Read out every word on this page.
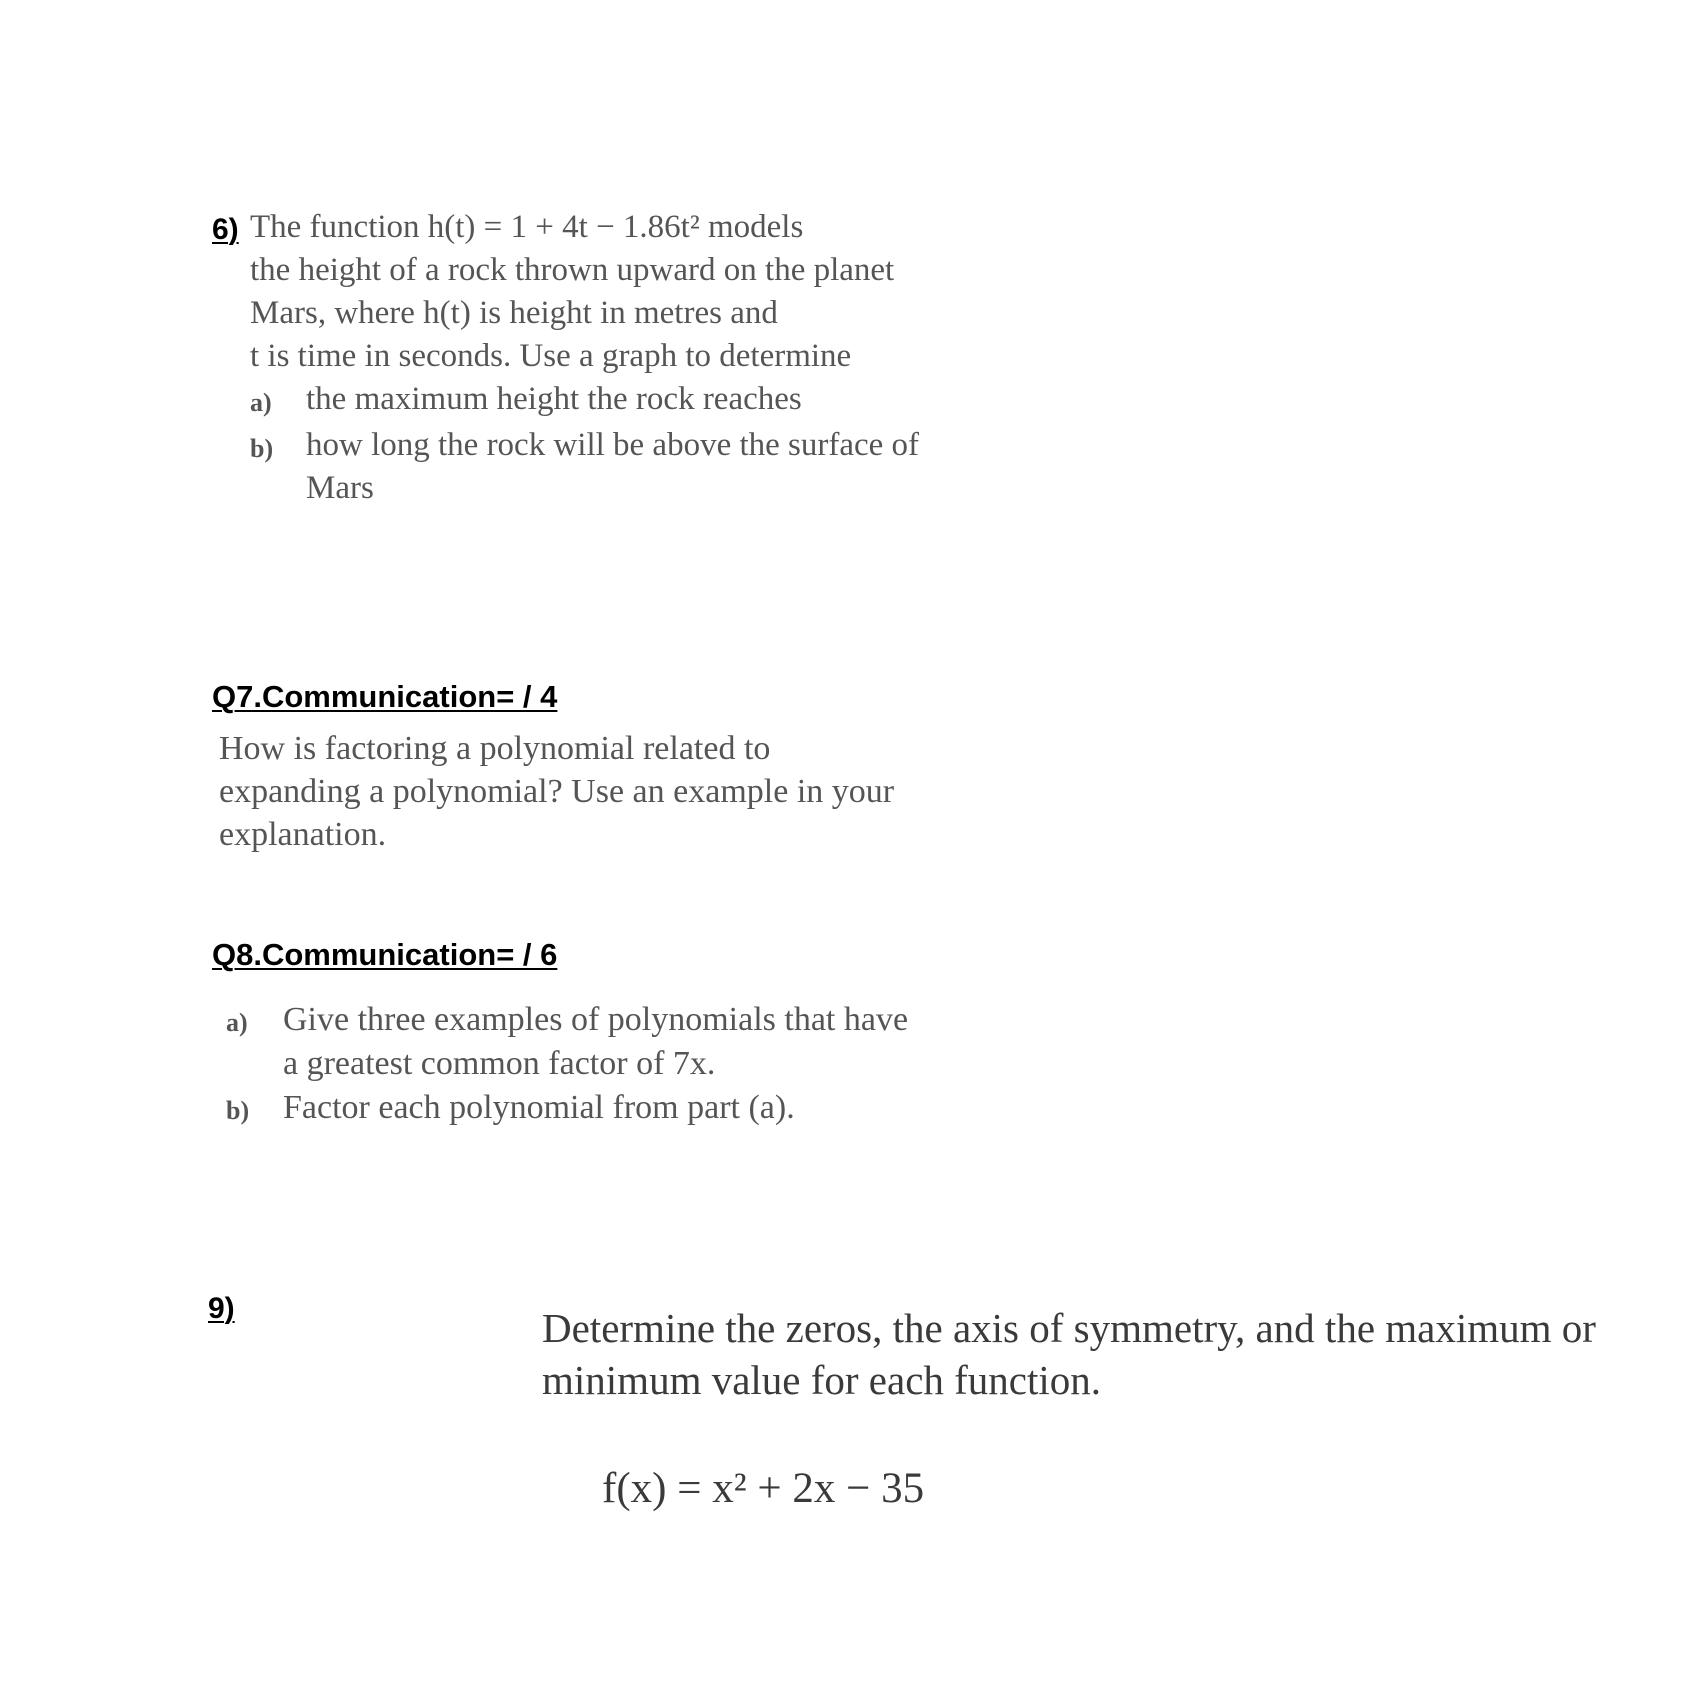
6) The function h(t) = 1 + 4t − 1.86t² models
the height of a rock thrown upward on the planet
Mars, where h(t) is height in metres and
t is time in seconds. Use a graph to determine
a)	the maximum height the rock reaches
b) how long the rock will be above the surface of Mars
Q7.Communication= / 4
How is factoring a polynomial related to expanding a polynomial? Use an example in your explanation.
Q8.Communication= / 6
a)	Give three examples of polynomials that have a greatest common factor of 7x.
b) Factor each polynomial from part (a).
9)	Determine the zeros, the axis of symmetry, and the maximum or minimum value for each function.
f(x) = x² + 2x − 35
